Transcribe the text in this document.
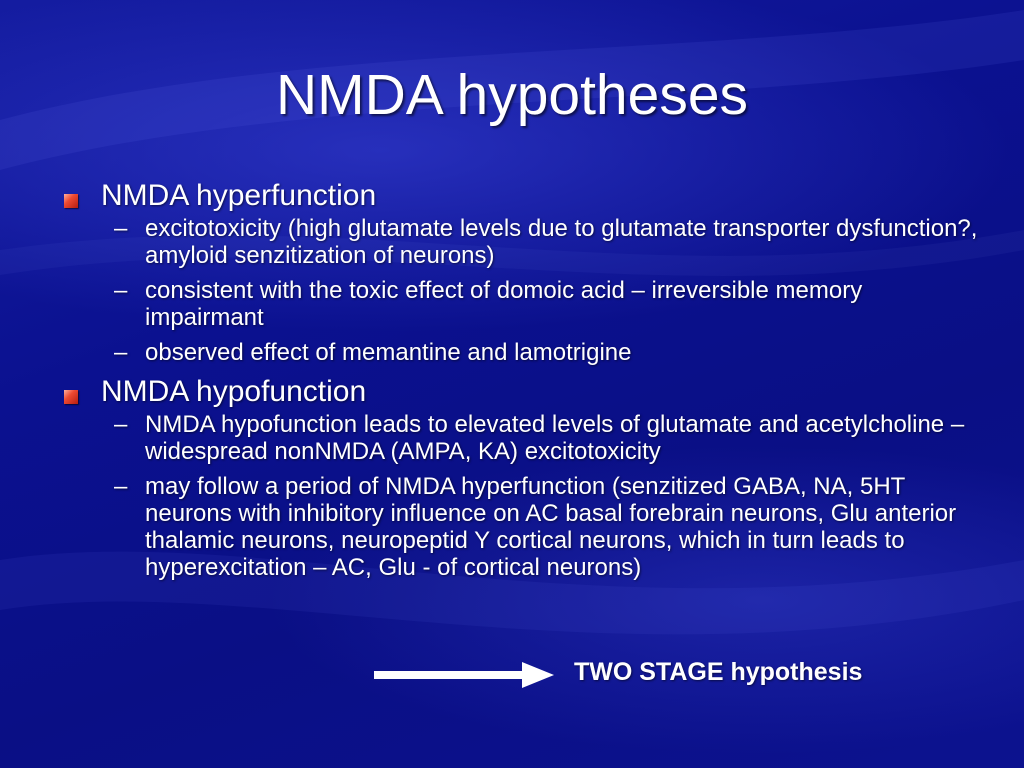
NMDA hypotheses
NMDA hyperfunction
– excitotoxicity (high glutamate levels due to glutamate transporter dysfunction?, amyloid senzitization of neurons)
– consistent with the toxic effect of domoic acid – irreversible memory impairmant
– observed effect of memantine and lamotrigine
NMDA hypofunction
– NMDA hypofunction leads to elevated levels of glutamate and acetylcholine – widespread nonNMDA (AMPA, KA) excitotoxicity
– may follow a period of NMDA hyperfunction (senzitized GABA, NA, 5HT neurons with inhibitory influence on AC basal forebrain neurons, Glu anterior thalamic neurons, neuropeptid Y cortical neurons, which in turn leads to hyperexcitation – AC, Glu - of cortical neurons)
TWO STAGE hypothesis
